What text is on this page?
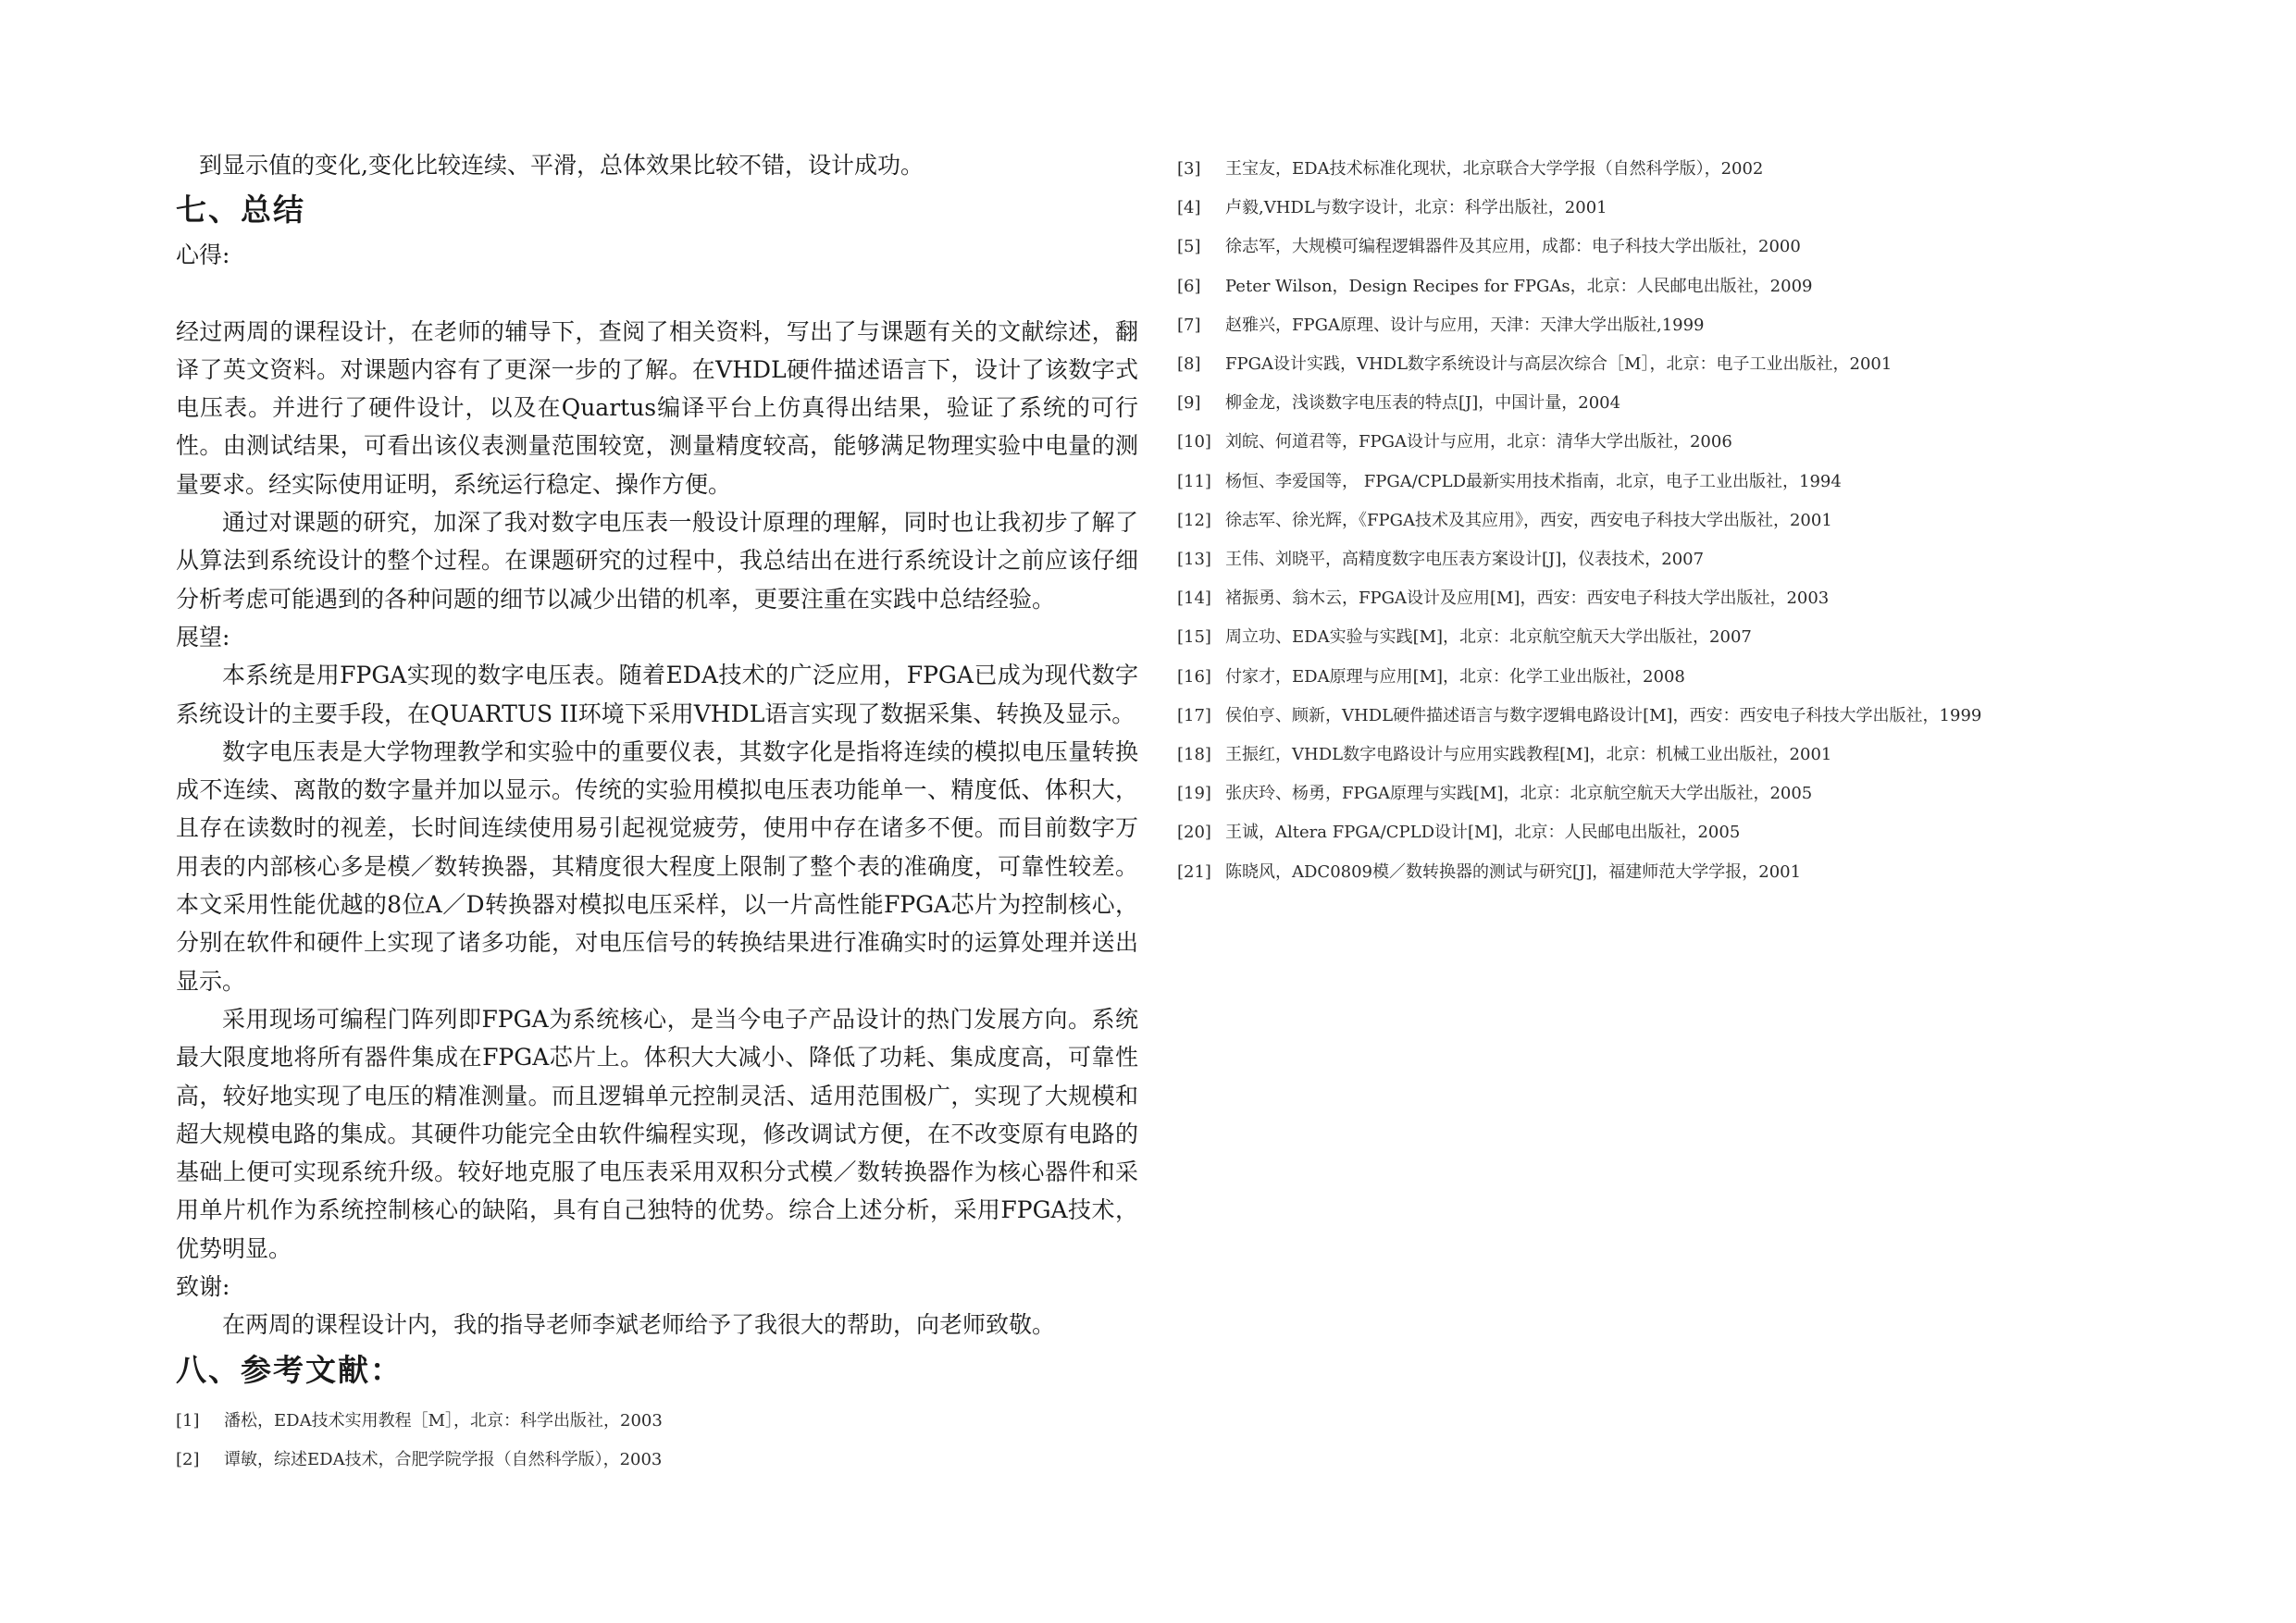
到显示值的变化,变化比较连续、平滑，总体效果比较不错，设计成功。

七、总结

心得:

经过两周的课程设计，在老师的辅导下，查阅了相关资料，写出了与课题有关的文献综述，翻译了英文资料。对课题内容有了更深一步的了解。在VHDL硬件描述语言下，设计了该数字式电压表。并进行了硬件设计，以及在Quartus编译平台上仿真得出结果，验证了系统的可行性。由测试结果，可看出该仪表测量范围较宽，测量精度较高，能够满足物理实验中电量的测量要求。经实际使用证明，系统运行稳定、操作方便。

通过对课题的研究，加深了我对数字电压表一般设计原理的理解，同时也让我初步了解了从算法到系统设计的整个过程。在课题研究的过程中，我总结出在进行系统设计之前应该仔细分析考虑可能遇到的各种问题的细节以减少出错的机率，更要注重在实践中总结经验。

展望:

本系统是用FPGA实现的数字电压表。随着EDA技术的广泛应用，FPGA已成为现代数字系统设计的主要手段，在QUARTUS II环境下采用VHDL语言实现了数据采集、转换及显示。

数字电压表是大学物理教学和实验中的重要仪表，其数字化是指将连续的模拟电压量转换成不连续、离散的数字量并加以显示。传统的实验用模拟电压表功能单一、精度低、体积大，且存在读数时的视差，长时间连续使用易引起视觉疲劳，使用中存在诸多不便。而目前数字万用表的内部核心多是模／数转换器，其精度很大程度上限制了整个表的准确度，可靠性较差。本文采用性能优越的8位A／D转换器对模拟电压采样，以一片高性能FPGA芯片为控制核心，分别在软件和硬件上实现了诸多功能，对电压信号的转换结果进行准确实时的运算处理并送出显示。

采用现场可编程门阵列即FPGA为系统核心，是当今电子产品设计的热门发展方向。系统最大限度地将所有器件集成在FPGA芯片上。体积大大减小、降低了功耗、集成度高，可靠性高，较好地实现了电压的精准测量。而且逻辑单元控制灵活、适用范围极广，实现了大规模和超大规模电路的集成。其硬件功能完全由软件编程实现，修改调试方便，在不改变原有电路的基础上便可实现系统升级。较好地克服了电压表采用双积分式模／数转换器作为核心器件和采用单片机作为系统控制核心的缺陷，具有自己独特的优势。综合上述分析，采用FPGA技术，优势明显。

致谢:

在两周的课程设计内，我的指导老师李斌老师给予了我很大的帮助，向老师致敬。

八、参考文献：
[1] 潘松，EDA技术实用教程［M］，北京：科学出版社，2003
[2] 谭敏，综述EDA技术，合肥学院学报（自然科学版），2003
[3] 王宝友，EDA技术标准化现状，北京联合大学学报（自然科学版），2002
[4] 卢毅,VHDL与数字设计，北京：科学出版社，2001
[5] 徐志军，大规模可编程逻辑器件及其应用，成都：电子科技大学出版社，2000
[6] Peter Wilson，Design Recipes for FPGAs，北京：人民邮电出版社，2009
[7] 赵雅兴，FPGA原理、设计与应用，天津：天津大学出版社,1999
[8] FPGA设计实践，VHDL数字系统设计与高层次综合［M］，北京：电子工业出版社，2001
[9] 柳金龙，浅谈数字电压表的特点[J]，中国计量，2004
[10] 刘皖、何道君等，FPGA设计与应用，北京：清华大学出版社，2006
[11] 杨恒、李爱国等， FPGA/CPLD最新实用技术指南，北京，电子工业出版社，1994
[12] 徐志军、徐光辉，《FPGA技术及其应用》，西安，西安电子科技大学出版社，2001
[13] 王伟、刘晓平，高精度数字电压表方案设计[J]，仪表技术，2007
[14] 褚振勇、翁木云，FPGA设计及应用[M]，西安：西安电子科技大学出版社，2003
[15] 周立功、EDA实验与实践[M]，北京：北京航空航天大学出版社，2007
[16] 付家才，EDA原理与应用[M]，北京：化学工业出版社，2008
[17] 侯伯亨、顾新，VHDL硬件描述语言与数字逻辑电路设计[M]，西安：西安电子科技大学出版社，1999
[18] 王振红，VHDL数字电路设计与应用实践教程[M]，北京：机械工业出版社，2001
[19] 张庆玲、杨勇，FPGA原理与实践[M]，北京：北京航空航天大学出版社，2005
[20] 王诚，Altera FPGA/CPLD设计[M]，北京：人民邮电出版社，2005
[21] 陈晓风，ADC0809模／数转换器的测试与研究[J]，福建师范大学学报，2001
